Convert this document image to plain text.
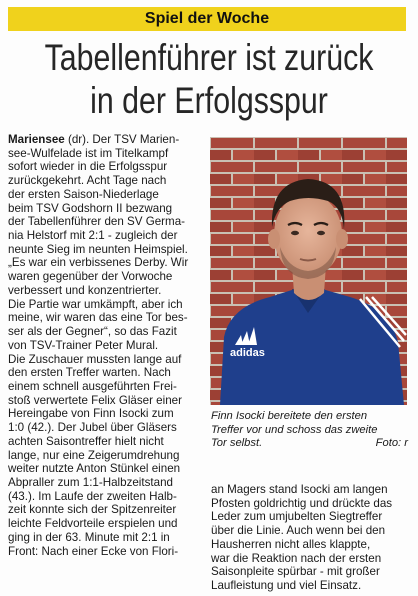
Spiel der Woche
Tabellenführer ist zurück
in der Erfolgsspur

Mariensee (dr). Der TSV Marien-

see-Wulfelade ist im Titelkampf

sofort wieder in die Erfolgsspur

zurückgekehrt. Acht Tage nach

der ersten Saison-Niederlage

beim TSV Godshorn II bezwang

der Tabellenführer den SV Germa-

nia Helstorf mit 2:1 - zugleich der

neunte Sieg im neunten Heimspiel.

„Es war ein verbissenes Derby. Wir

waren gegenüber der Vorwoche

verbessert und konzentrierter.

Die Partie war umkämpft, aber ich

meine, wir waren das eine Tor bes-

ser als der Gegner“, so das Fazit

von TSV-Trainer Peter Mural.

Die Zuschauer mussten lange auf

den ersten Treffer warten. Nach

einem schnell ausgeführten Frei-

stoß verwertete Felix Gläser einer

Hereingabe von Finn Isocki zum

1:0 (42.). Der Jubel über Gläsers

achten Saisontreffer hielt nicht

lange, nur eine Zeigerumdrehung

weiter nutzte Anton Stünkel einen

Abpraller zum 1:1-Halbzeitstand

(43.). Im Laufe der zweiten Halb-

zeit konnte sich der Spitzenreiter

leichte Feldvorteile erspielen und

ging in der 63. Minute mit 2:1 in

Front: Nach einer Ecke von Flori-

adidas
Finn Isocki bereitete den ersten
Treffer vor und schoss das zweite
Tor selbst.	Foto: r

an Magers stand Isocki am langen

Pfosten goldrichtig und drückte das

Leder zum umjubelten Siegtreffer

über die Linie. Auch wenn bei den

Hausherren nicht alles klappte,

war die Reaktion nach der ersten

Saisonpleite spürbar - mit großer

Laufleistung und viel Einsatz.
